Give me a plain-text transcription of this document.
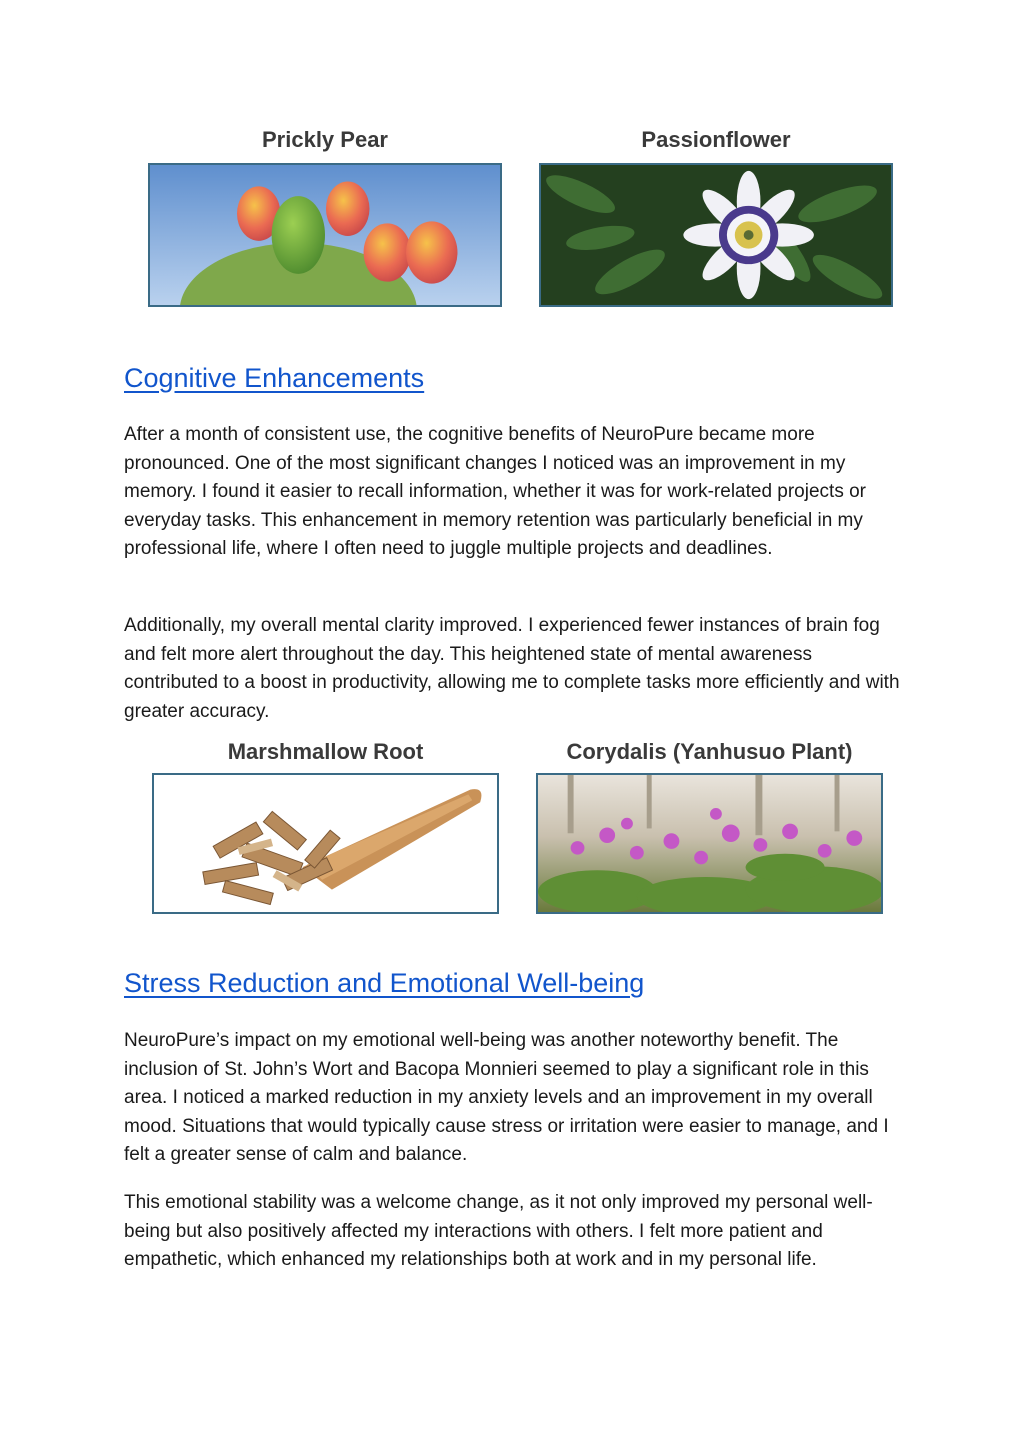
Prickly Pear	Passionflower
Cognitive Enhancements

After a month of consistent use, the cognitive benefits of NeuroPure became more pronounced. One of the most significant changes I noticed was an improvement in my memory. I found it easier to recall information, whether it was for work-related projects or everyday tasks. This enhancement in memory retention was particularly beneficial in my professional life, where I often need to juggle multiple projects and deadlines.

Additionally, my overall mental clarity improved. I experienced fewer instances of brain fog and felt more alert throughout the day. This heightened state of mental awareness contributed to a boost in productivity, allowing me to complete tasks more efficiently and with greater accuracy.

Marshmallow Root	Corydalis (Yanhusuo Plant)
Stress Reduction and Emotional Well-being

NeuroPure’s impact on my emotional well-being was another noteworthy benefit. The inclusion of St. John’s Wort and Bacopa Monnieri seemed to play a significant role in this area. I noticed a marked reduction in my anxiety levels and an improvement in my overall mood. Situations that would typically cause stress or irritation were easier to manage, and I felt a greater sense of calm and balance.

This emotional stability was a welcome change, as it not only improved my personal well-being but also positively affected my interactions with others. I felt more patient and empathetic, which enhanced my relationships both at work and in my personal life.
